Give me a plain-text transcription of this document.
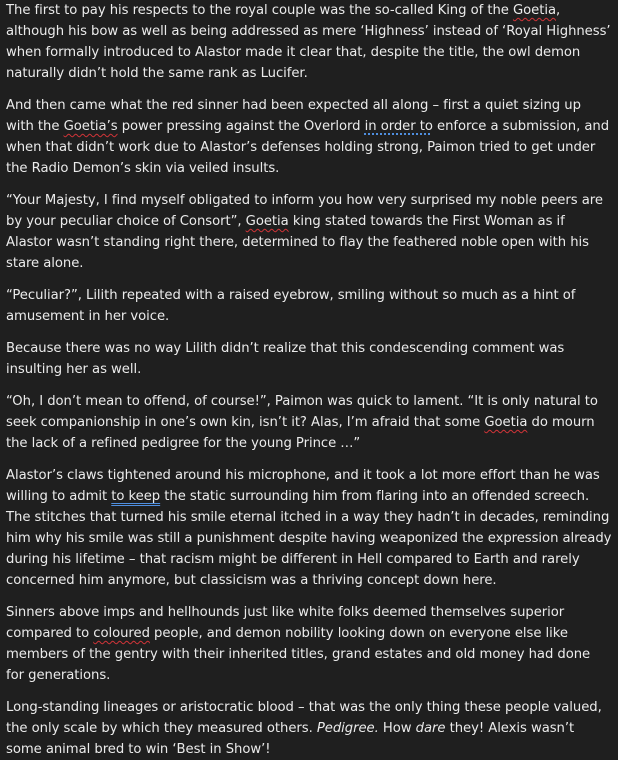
The first to pay his respects to the royal couple was the so-called King of the Goetia, although his bow as well as being addressed as mere ‘Highness’ instead of ‘Royal Highness’ when formally introduced to Alastor made it clear that, despite the title, the owl demon naturally didn’t hold the same rank as Lucifer.

And then came what the red sinner had been expected all along – first a quiet sizing up with the Goetia’s power pressing against the Overlord in order to enforce a submission, and when that didn’t work due to Alastor’s defenses holding strong, Paimon tried to get under the Radio Demon’s skin via veiled insults.

“Your Majesty, I find myself obligated to inform you how very surprised my noble peers are by your peculiar choice of Consort”, Goetia king stated towards the First Woman as if Alastor wasn’t standing right there, determined to flay the feathered noble open with his stare alone.

“Peculiar?”, Lilith repeated with a raised eyebrow, smiling without so much as a hint of amusement in her voice.

Because there was no way Lilith didn’t realize that this condescending comment was insulting her as well.

“Oh, I don’t mean to offend, of course!”, Paimon was quick to lament. “It is only natural to seek companionship in one’s own kin, isn’t it? Alas, I’m afraid that some Goetia do mourn the lack of a refined pedigree for the young Prince …”

Alastor’s claws tightened around his microphone, and it took a lot more effort than he was willing to admit to keep the static surrounding him from flaring into an offended screech. The stitches that turned his smile eternal itched in a way they hadn’t in decades, reminding him why his smile was still a punishment despite having weaponized the expression already during his lifetime – that racism might be different in Hell compared to Earth and rarely concerned him anymore, but classicism was a thriving concept down here.

Sinners above imps and hellhounds just like white folks deemed themselves superior compared to coloured people, and demon nobility looking down on everyone else like members of the gentry with their inherited titles, grand estates and old money had done for generations.

Long-standing lineages or aristocratic blood – that was the only thing these people valued, the only scale by which they measured others. Pedigree. How dare they! Alexis wasn’t some animal bred to win ‘Best in Show’!
